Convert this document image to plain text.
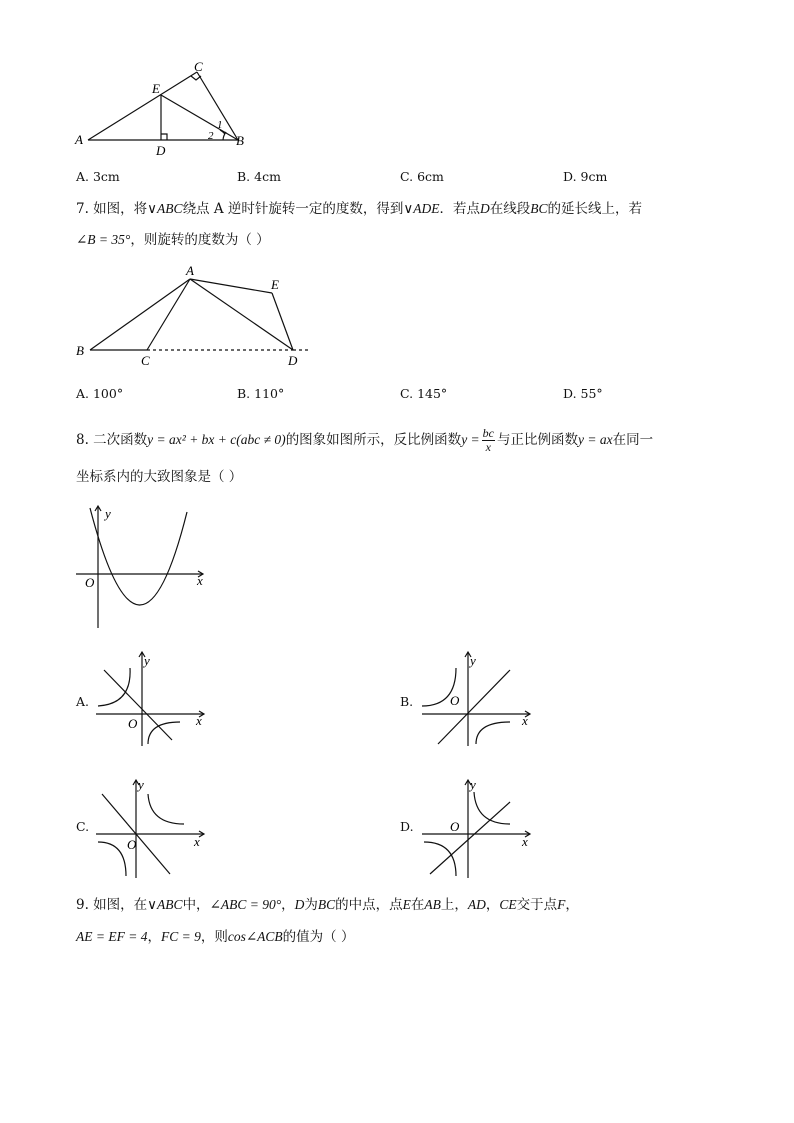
A	B
C
D
E
1
2
A. 3cm	B. 4cm	C. 6cm	D. 9cm
7. 如图，将∨ABC绕点 A 逆时针旋转一定的度数，得到∨ADE．若点D在线段BC的延长线上，若
∠B = 35°，则旋转的度数为（ ）
A
B
C	D
E
A. 100°	B. 110°	C. 145°	D. 55°
8. 二次函数y = ax² + bx + c(abc ≠ 0)的图象如图所示，反比例函数$y = \frac{bc}{x}$ 与正比例函数y = ax在同一
坐标系内的大致图象是（ ）
y
x
O
A.
y
x
O
B.
y
x
O
C.
y
x
O
D.
y
x
O
9. 如图，在∨ABC中，∠ABC = 90°，D为BC的中点，点E在AB上，AD，CE交于点F，
AE = EF = 4，FC = 9，则cos∠ACB的值为（ ）
